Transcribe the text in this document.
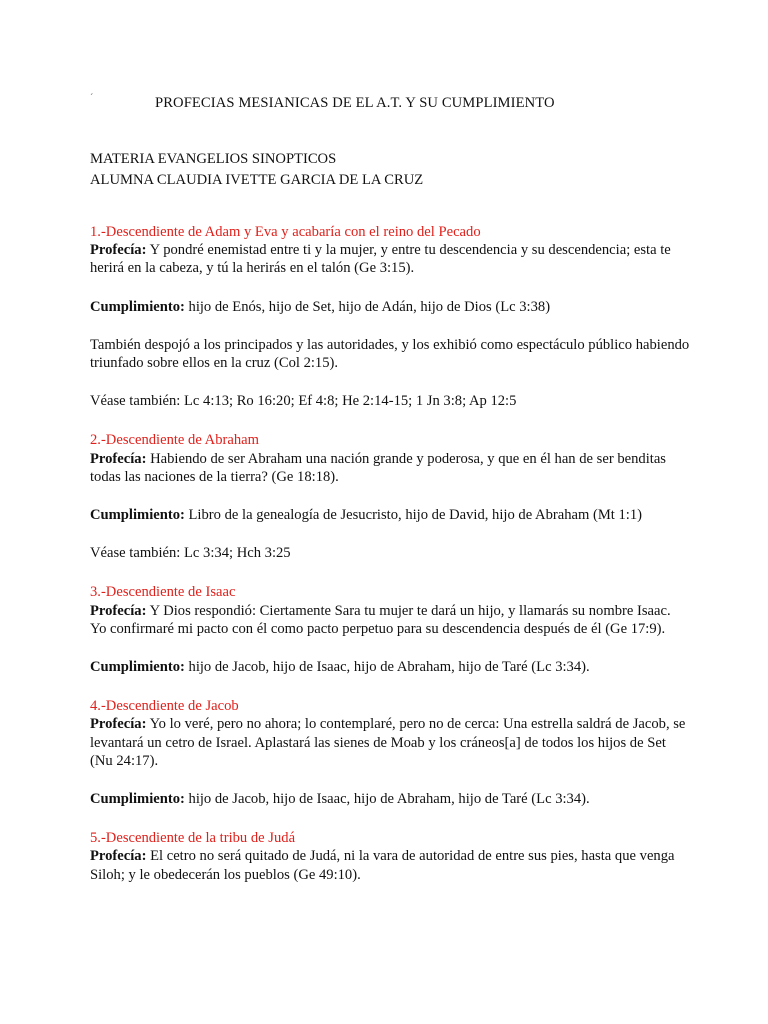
´	PROFECIAS MESIANICAS DE EL A.T. Y SU CUMPLIMIENTO
MATERIA EVANGELIOS SINOPTICOS
ALUMNA CLAUDIA IVETTE GARCIA DE LA CRUZ
1.-Descendiente de Adam y Eva y acabaría con el reino del Pecado

Profecía: Y pondré enemistad entre ti y la mujer, y entre tu descendencia y su descendencia; esta te herirá en la cabeza, y tú la herirás en el talón (Ge 3:15).

Cumplimiento: hijo de Enós, hijo de Set, hijo de Adán, hijo de Dios (Lc 3:38)

También despojó a los principados y las autoridades, y los exhibió como espectáculo público habiendo triunfado sobre ellos en la cruz (Col 2:15).

Véase también: Lc 4:13; Ro 16:20; Ef 4:8; He 2:14-15; 1 Jn 3:8; Ap 12:5

2.-Descendiente de Abraham

Profecía: Habiendo de ser Abraham una nación grande y poderosa, y que en él han de ser benditas todas las naciones de la tierra? (Ge 18:18).

Cumplimiento: Libro de la genealogía de Jesucristo, hijo de David, hijo de Abraham (Mt 1:1)

Véase también: Lc 3:34; Hch 3:25

3.-Descendiente de Isaac

Profecía: Y Dios respondió: Ciertamente Sara tu mujer te dará un hijo, y llamarás su nombre Isaac. Yo confirmaré mi pacto con él como pacto perpetuo para su descendencia después de él (Ge 17:9).

Cumplimiento: hijo de Jacob, hijo de Isaac, hijo de Abraham, hijo de Taré (Lc 3:34).

4.-Descendiente de Jacob

Profecía: Yo lo veré, pero no ahora; lo contemplaré, pero no de cerca: Una estrella saldrá de Jacob, se levantará un cetro de Israel. Aplastará las sienes de Moab y los cráneos[a] de todos los hijos de Set (Nu 24:17).

Cumplimiento: hijo de Jacob, hijo de Isaac, hijo de Abraham, hijo de Taré (Lc 3:34).

5.-Descendiente de la tribu de Judá

Profecía: El cetro no será quitado de Judá, ni la vara de autoridad de entre sus pies, hasta que venga Siloh; y le obedecerán los pueblos (Ge 49:10).
